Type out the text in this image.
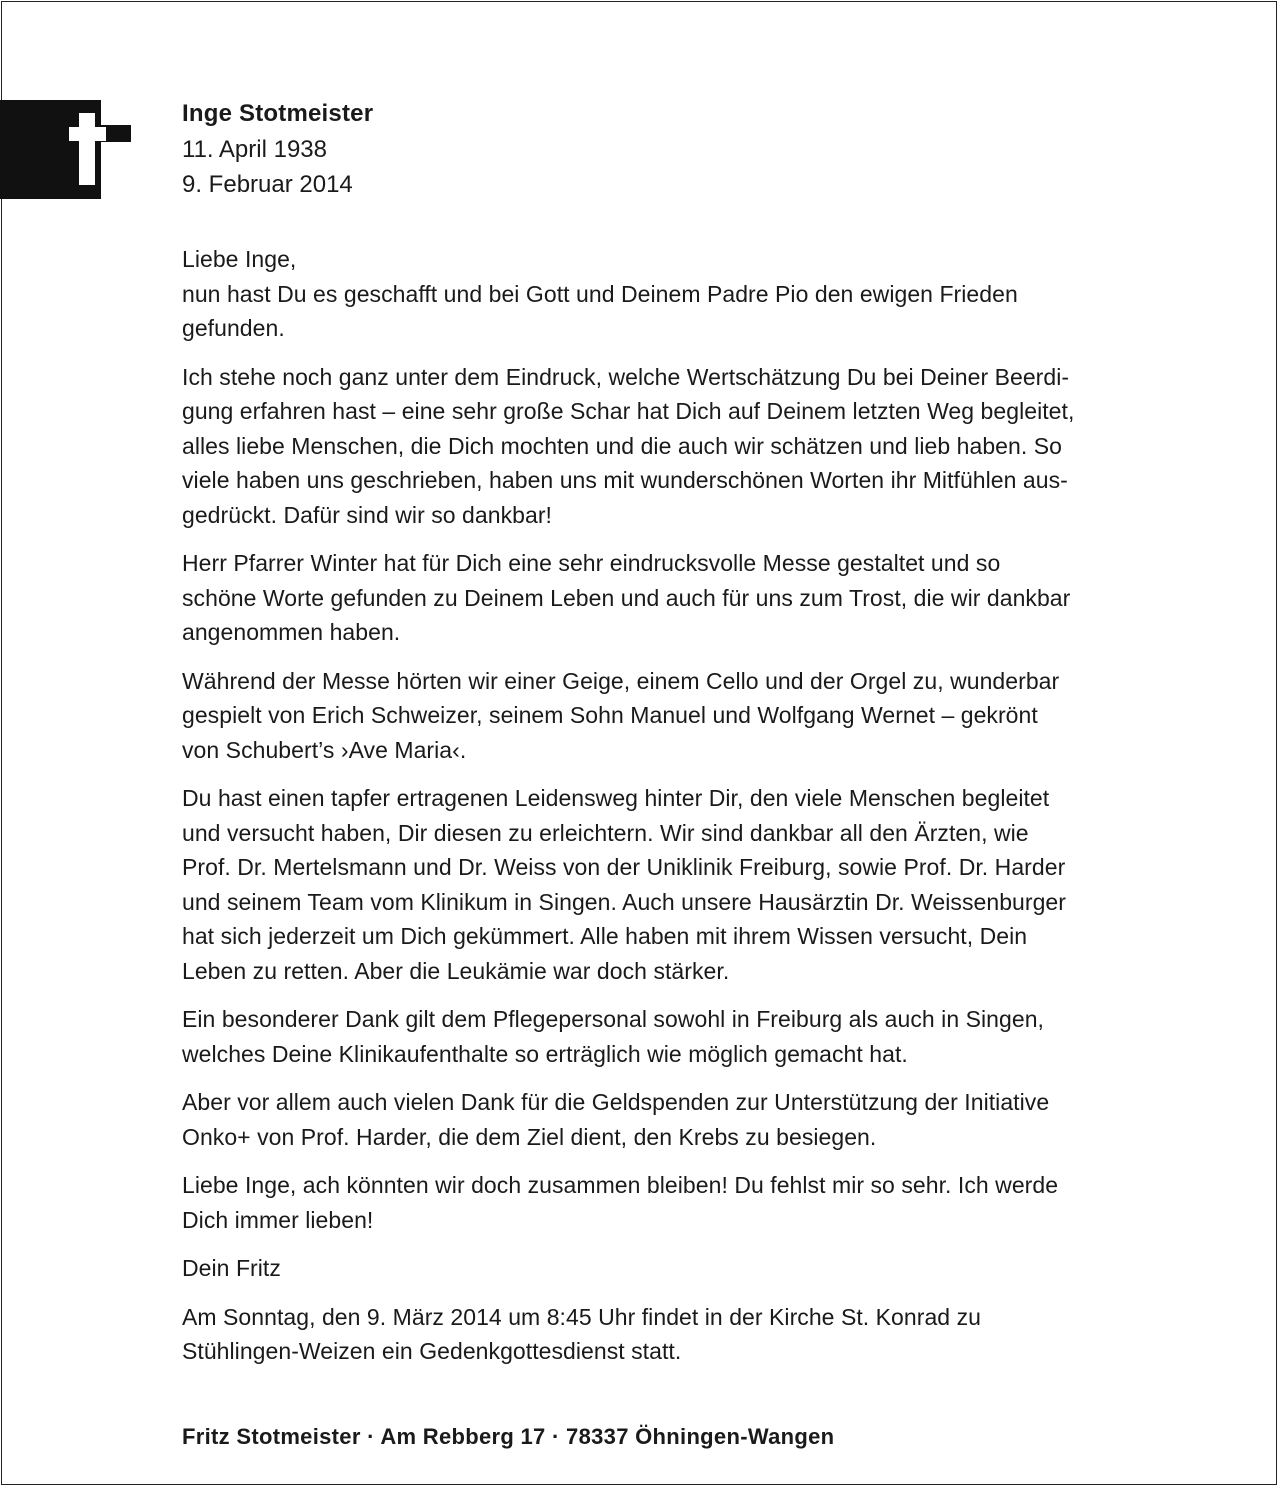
Inge Stotmeister

11. April 1938

9. Februar 2014

Liebe Inge,
nun hast Du es geschafft und bei Gott und Deinem Padre Pio den ewigen Frieden
gefunden.

Ich stehe noch ganz unter dem Eindruck, welche Wertschätzung Du bei Deiner Beerdi-
gung erfahren hast – eine sehr große Schar hat Dich auf Deinem letzten Weg begleitet,
alles liebe Menschen, die Dich mochten und die auch wir schätzen und lieb haben. So
viele haben uns geschrieben, haben uns mit wunderschönen Worten ihr Mitfühlen aus-
gedrückt. Dafür sind wir so dankbar!

Herr Pfarrer Winter hat für Dich eine sehr eindrucksvolle Messe gestaltet und so
schöne Worte gefunden zu Deinem Leben und auch für uns zum Trost, die wir dankbar
angenommen haben.

Während der Messe hörten wir einer Geige, einem Cello und der Orgel zu, wunderbar
gespielt von Erich Schweizer, seinem Sohn Manuel und Wolfgang Wernet – gekrönt
von Schubert’s ›Ave Maria‹.

Du hast einen tapfer ertragenen Leidensweg hinter Dir, den viele Menschen begleitet
und versucht haben, Dir diesen zu erleichtern. Wir sind dankbar all den Ärzten, wie
Prof. Dr. Mertelsmann und Dr. Weiss von der Uniklinik Freiburg, sowie Prof. Dr. Harder
und seinem Team vom Klinikum in Singen. Auch unsere Hausärztin Dr. Weissenburger
hat sich jederzeit um Dich gekümmert. Alle haben mit ihrem Wissen versucht, Dein
Leben zu retten. Aber die Leukämie war doch stärker.

Ein besonderer Dank gilt dem Pflegepersonal sowohl in Freiburg als auch in Singen,
welches Deine Klinikaufenthalte so erträglich wie möglich gemacht hat.

Aber vor allem auch vielen Dank für die Geldspenden zur Unterstützung der Initiative
Onko+ von Prof. Harder, die dem Ziel dient, den Krebs zu besiegen.

Liebe Inge, ach könnten wir doch zusammen bleiben! Du fehlst mir so sehr. Ich werde
Dich immer lieben!

Dein Fritz

Am Sonntag, den 9. März 2014 um 8:45 Uhr findet in der Kirche St. Konrad zu
Stühlingen-Weizen ein Gedenkgottesdienst statt.

Fritz Stotmeister · Am Rebberg 17 · 78337 Öhningen-Wangen
